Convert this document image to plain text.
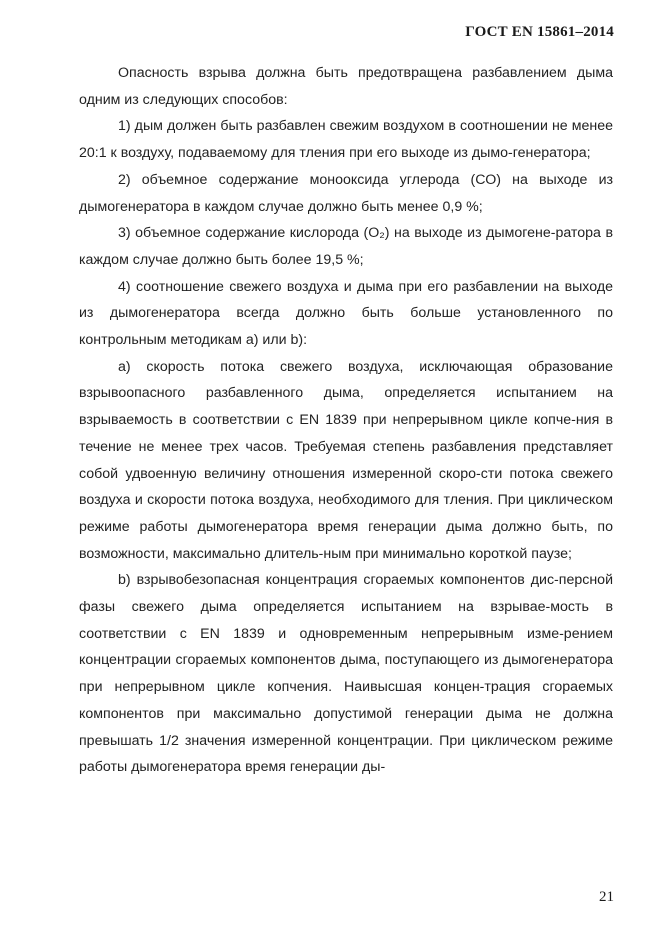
ГОСТ EN 15861–2014

Опасность взрыва должна быть предотвращена разбавлением дыма одним из следующих способов:

1) дым должен быть разбавлен свежим воздухом в соотношении не менее 20:1 к воздуху, подаваемому для тления при его выходе из дымо-генератора;

2) объемное содержание монооксида углерода (СО) на выходе из дымогенератора в каждом случае должно быть менее 0,9 %;

3) объемное содержание кислорода (О₂) на выходе из дымогене-ратора в каждом случае должно быть более 19,5 %;

4) соотношение свежего воздуха и дыма при его разбавлении на выходе из дымогенератора всегда должно быть больше установленного по контрольным методикам а) или b):

а) скорость потока свежего воздуха, исключающая образование взрывоопасного разбавленного дыма, определяется испытанием на взрываемость в соответствии с EN 1839 при непрерывном цикле копче-ния в течение не менее трех часов. Требуемая степень разбавления представляет собой удвоенную величину отношения измеренной скоро-сти потока свежего воздуха и скорости потока воздуха, необходимого для тления. При циклическом режиме работы дымогенератора время генерации дыма должно быть, по возможности, максимально длитель-ным при минимально короткой паузе;

b) взрывобезопасная концентрация сгораемых компонентов дис-персной фазы свежего дыма определяется испытанием на взрывае-мость в соответствии с EN 1839 и одновременным непрерывным изме-рением концентрации сгораемых компонентов дыма, поступающего из дымогенератора при непрерывном цикле копчения. Наивысшая концен-трация сгораемых компонентов при максимально допустимой генерации дыма не должна превышать 1/2 значения измеренной концентрации. При циклическом режиме работы дымогенератора время генерации ды-

21
